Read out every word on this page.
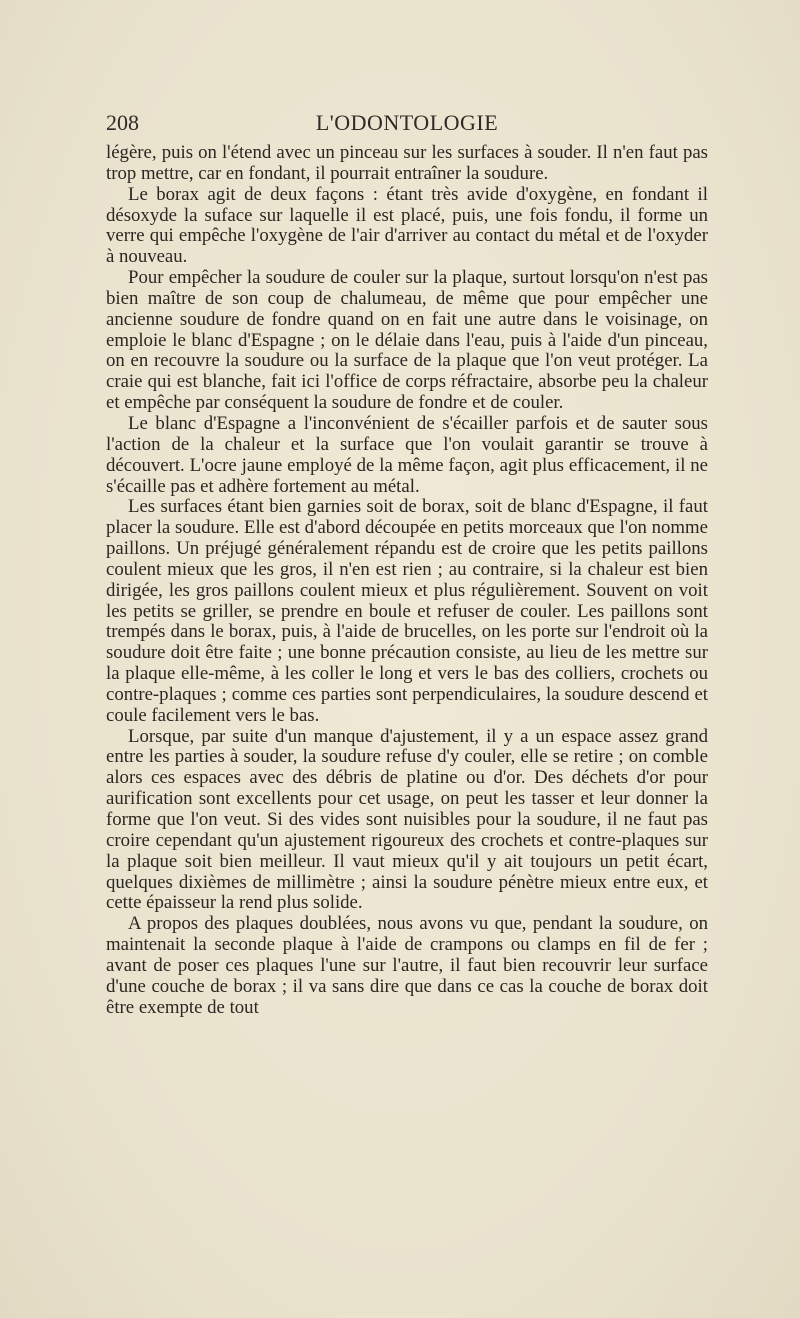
208	L'ODONTOLOGIE

légère, puis on l'étend avec un pinceau sur les surfaces à souder. Il n'en faut pas trop mettre, car en fondant, il pourrait entraîner la soudure.

Le borax agit de deux façons : étant très avide d'oxygène, en fondant il désoxyde la suface sur laquelle il est placé, puis, une fois fondu, il forme un verre qui empêche l'oxygène de l'air d'arriver au contact du métal et de l'oxyder à nouveau.

Pour empêcher la soudure de couler sur la plaque, surtout lorsqu'on n'est pas bien maître de son coup de chalumeau, de même que pour empêcher une ancienne soudure de fondre quand on en fait une autre dans le voisinage, on emploie le blanc d'Espagne ; on le délaie dans l'eau, puis à l'aide d'un pinceau, on en recouvre la soudure ou la surface de la plaque que l'on veut protéger. La craie qui est blanche, fait ici l'office de corps réfractaire, absorbe peu la chaleur et empêche par conséquent la soudure de fondre et de couler.

Le blanc d'Espagne a l'inconvénient de s'écailler parfois et de sauter sous l'action de la chaleur et la surface que l'on voulait garantir se trouve à découvert. L'ocre jaune employé de la même façon, agit plus efficacement, il ne s'écaille pas et adhère fortement au métal.

Les surfaces étant bien garnies soit de borax, soit de blanc d'Espagne, il faut placer la soudure. Elle est d'abord découpée en petits morceaux que l'on nomme paillons. Un préjugé généralement répandu est de croire que les petits paillons coulent mieux que les gros, il n'en est rien ; au contraire, si la chaleur est bien dirigée, les gros paillons coulent mieux et plus régulièrement. Souvent on voit les petits se griller, se prendre en boule et refuser de couler. Les paillons sont trempés dans le borax, puis, à l'aide de brucelles, on les porte sur l'endroit où la soudure doit être faite ; une bonne précaution consiste, au lieu de les mettre sur la plaque elle-même, à les coller le long et vers le bas des colliers, crochets ou contre-plaques ; comme ces parties sont perpendiculaires, la soudure descend et coule facilement vers le bas.

Lorsque, par suite d'un manque d'ajustement, il y a un espace assez grand entre les parties à souder, la soudure refuse d'y couler, elle se retire ; on comble alors ces espaces avec des débris de platine ou d'or. Des déchets d'or pour aurification sont excellents pour cet usage, on peut les tasser et leur donner la forme que l'on veut. Si des vides sont nuisibles pour la soudure, il ne faut pas croire cependant qu'un ajustement rigoureux des crochets et contre-plaques sur la plaque soit bien meilleur. Il vaut mieux qu'il y ait toujours un petit écart, quelques dixièmes de millimètre ; ainsi la soudure pénètre mieux entre eux, et cette épaisseur la rend plus solide.

A propos des plaques doublées, nous avons vu que, pendant la soudure, on maintenait la seconde plaque à l'aide de crampons ou clamps en fil de fer ; avant de poser ces plaques l'une sur l'autre, il faut bien recouvrir leur surface d'une couche de borax ; il va sans dire que dans ce cas la couche de borax doit être exempte de tout
